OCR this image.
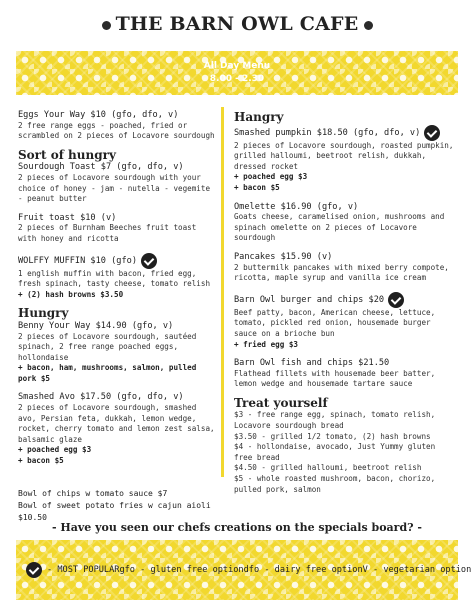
THE BARN OWL CAFE
All Day Menu
8.00 - 2.30
Eggs Your Way $10 (gfo, dfo, v)
2 free range eggs - poached, fried or scrambled on 2 pieces of Locavore sourdough
Sort of hungry
Sourdough Toast $7 (gfo, dfo, v)
2 pieces of Locavore sourdough with your choice of honey - jam - nutella - vegemite - peanut butter
Fruit toast $10 (v)
2 pieces of Burnham Beeches fruit toast with honey and ricotta
WOLFFY MUFFIN $10 (gfo)
1 english muffin with bacon, fried egg, fresh spinach, tasty cheese, tomato relish
+ (2) hash browns $3.50
Hungry
Benny Your Way $14.90 (gfo, v)
2 pieces of Locavore sourdough, sautéed spinach, 2 free range poached eggs, hollondaise
+ bacon, ham, mushrooms, salmon, pulled pork $5
Smashed Avo $17.50 (gfo, dfo, v)
2 pieces of Locavore sourdough, smashed avo, Persian feta, dukkah, lemon wedge, rocket, cherry tomato and lemon zest salsa, balsamic glaze
+ poached egg $3
+ bacon $5
Bowl of chips w tomato sauce $7
Bowl of sweet potato fries w cajun aioli $10.50
Hangry
Smashed pumpkin $18.50 (gfo, dfo, v)
2 pieces of Locavore sourdough, roasted pumpkin, grilled halloumi, beetroot relish, dukkah, dressed rocket
+ poached egg $3
+ bacon $5
Omelette $16.90 (gfo, v)
Goats cheese, caramelised onion, mushrooms and spinach omelette on 2 pieces of Locavore sourdough
Pancakes $15.90 (v)
2 buttermilk pancakes with mixed berry compote, ricotta, maple syrup and vanilla ice cream
Barn Owl burger and chips $20
Beef patty, bacon, American cheese, lettuce, tomato, pickled red onion, housemade burger sauce on a brioche bun
+ fried egg $3
Barn Owl fish and chips $21.50
Flathead fillets with housemade beer batter, lemon wedge and housemade tartare sauce
Treat yourself
$3 - free range egg, spinach, tomato relish, Locavore sourdough bread
$3.50 - grilled 1/2 tomato, (2) hash browns
$4 - hollondaise, avocado, Just Yummy gluten free bread
$4.50 - grilled halloumi, beetroot relish
$5 - whole roasted mushroom, bacon, chorizo, pulled pork, salmon
- Have you seen our chefs creations on the specials board? -
- MOST POPULAR gfo - gluten free option dfo - dairy free option V - vegetarian option
